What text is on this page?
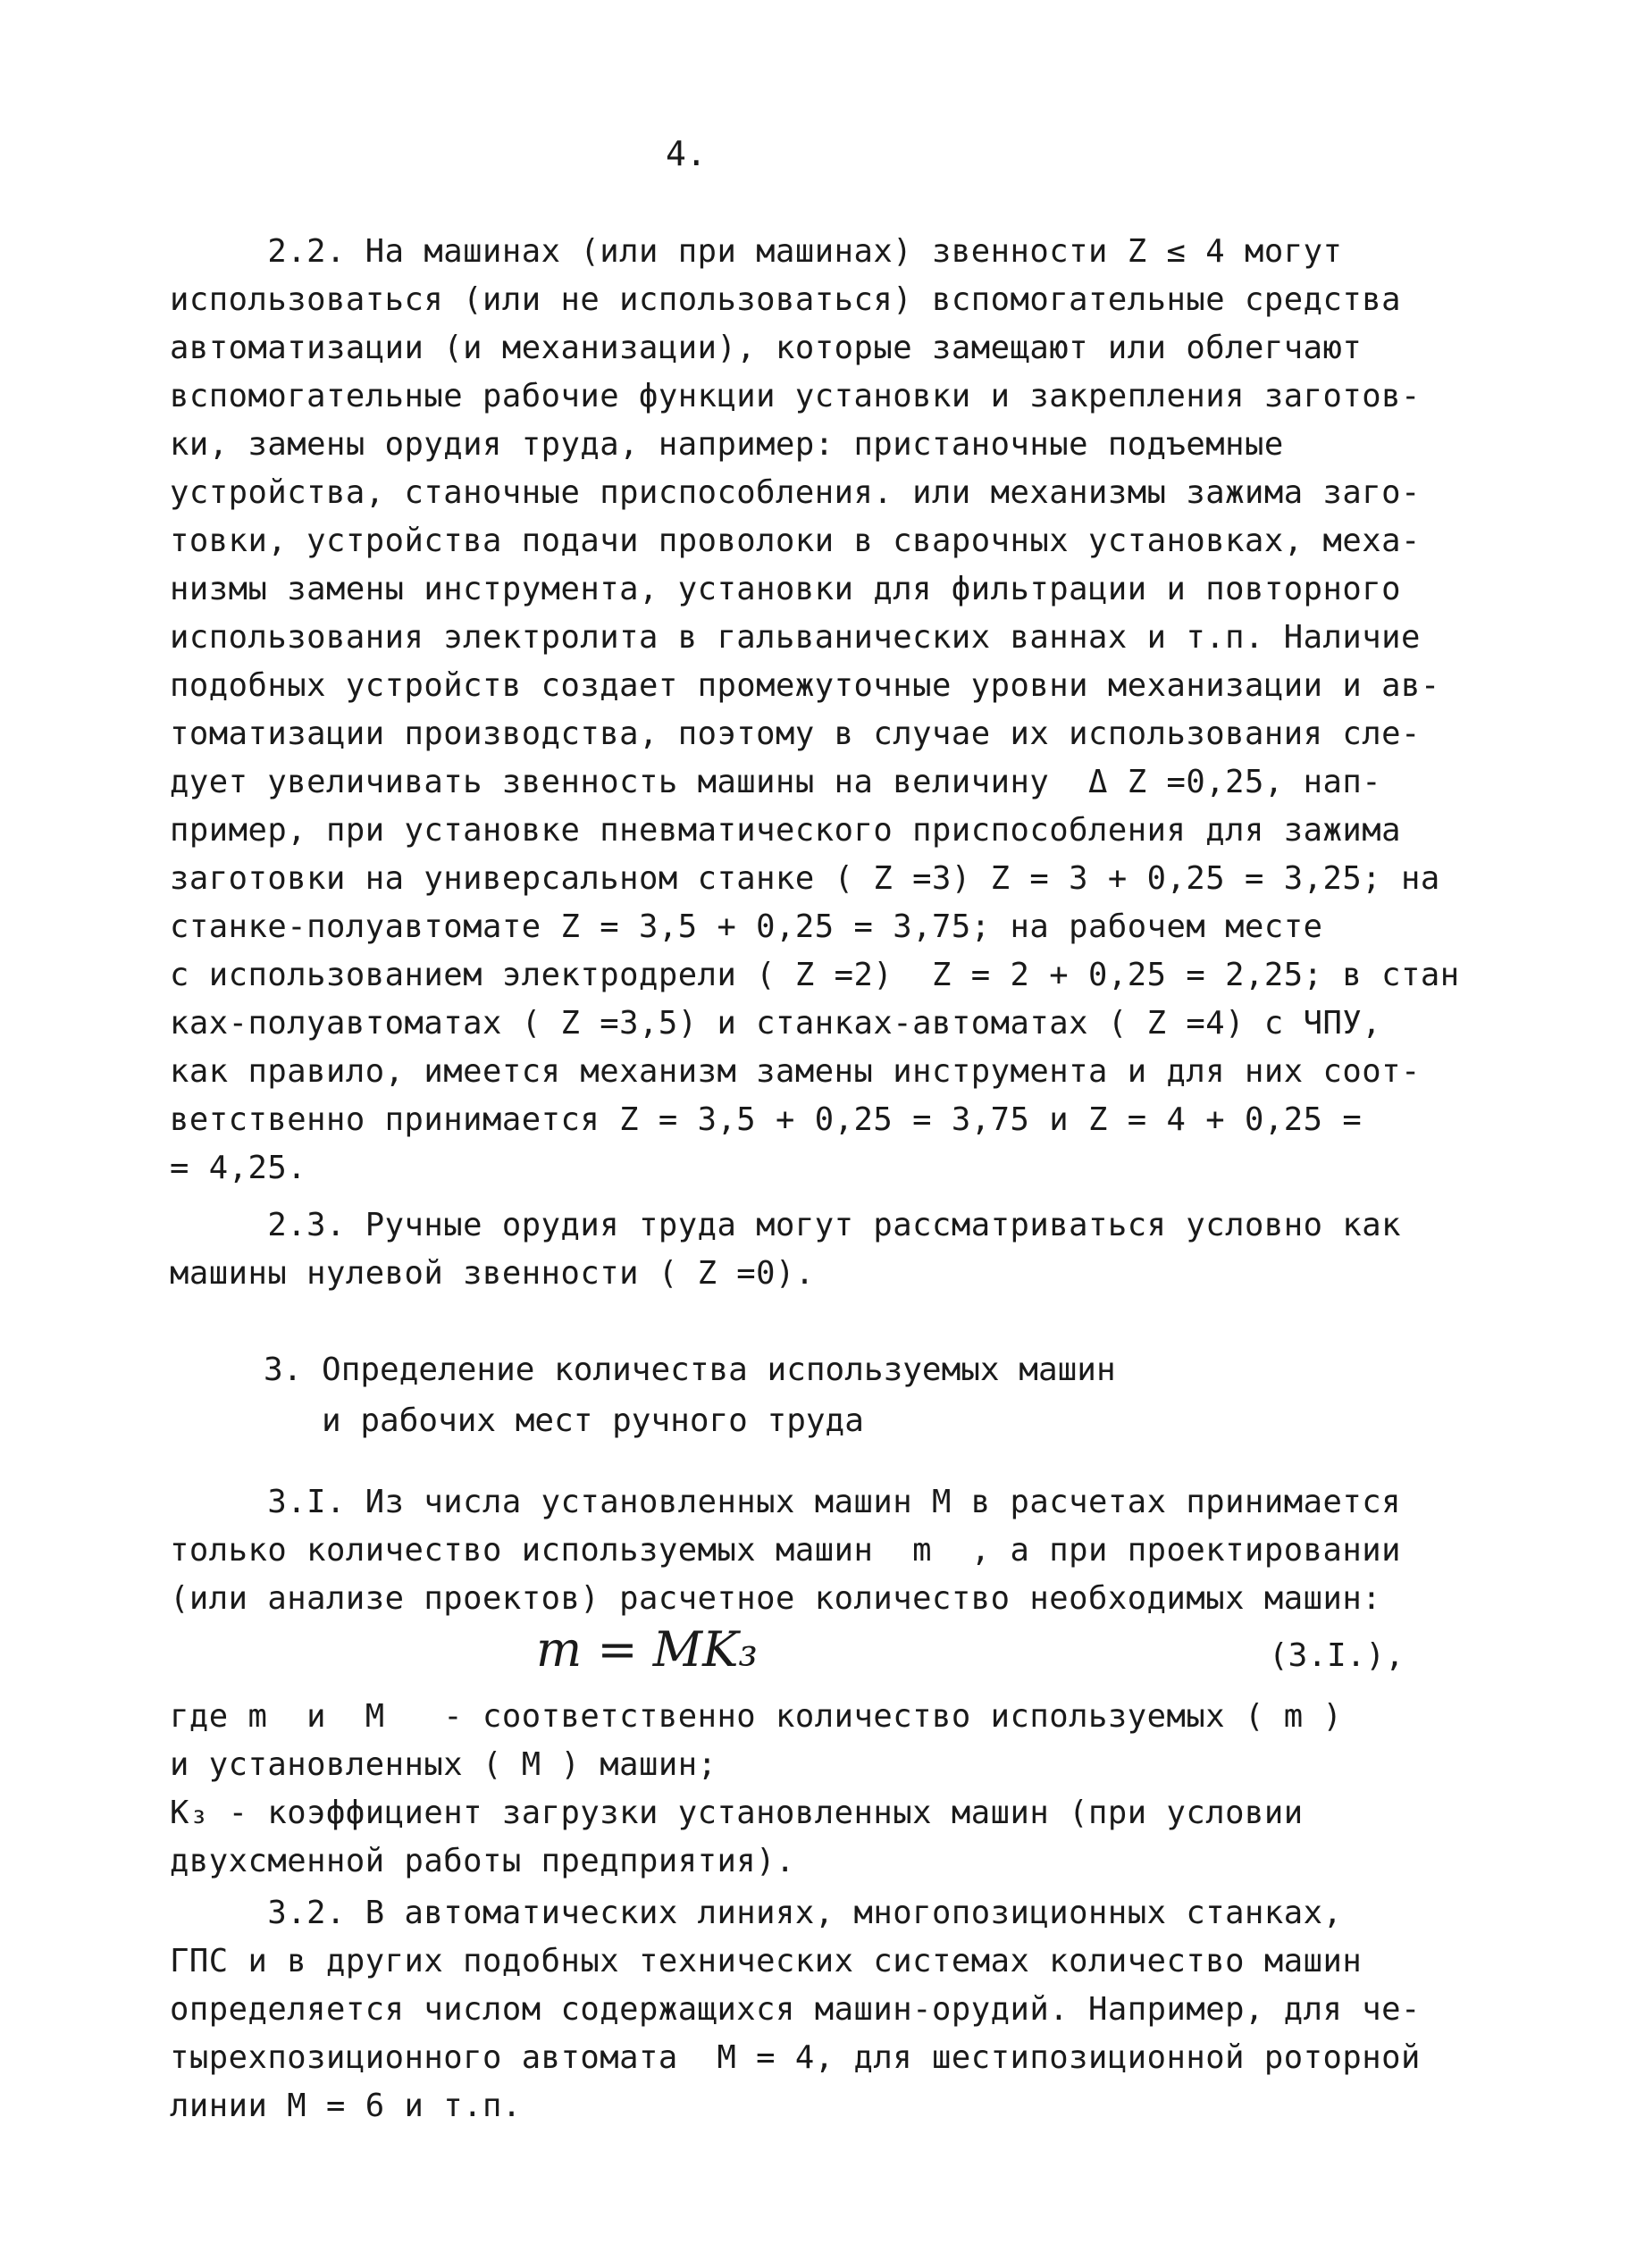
4.
2.2. На машинах (или при машинах) звенности Z ≤ 4 могут
использоваться (или не использоваться) вспомогательные средства
автоматизации (и механизации), которые замещают или облегчают
вспомогательные рабочие функции установки и закрепления заготов-
ки, замены орудия труда, например: пристаночные подъемные
устройства, станочные приспособления. или механизмы зажима заго-
товки, устройства подачи проволоки в сварочных установках, меха-
низмы замены инструмента, установки для фильтрации и повторного
использования электролита в гальванических ваннах и т.п. Наличие
подобных устройств создает промежуточные уровни механизации и ав-
томатизации производства, поэтому в случае их использования сле-
дует увеличивать звенность машины на величину  Δ Z =0,25, нап-
пример, при установке пневматического приспособления для зажима
заготовки на универсальном станке ( Z =3) Z = 3 + 0,25 = 3,25; на
станке-полуавтомате Z = 3,5 + 0,25 = 3,75; на рабочем месте
с использованием электродрели ( Z =2)  Z = 2 + 0,25 = 2,25; в стан
ках-полуавтоматах ( Z =3,5) и станках-автоматах ( Z =4) с ЧПУ,
как правило, имеется механизм замены инструмента и для них соот-
ветственно принимается Z = 3,5 + 0,25 = 3,75 и Z = 4 + 0,25 =
= 4,25.
2.3. Ручные орудия труда могут рассматриваться условно как
машины нулевой звенности ( Z =0).
3. Определение количества используемых машин
и рабочих мест ручного труда
3.I. Из числа установленных машин М в расчетах принимается
только количество используемых машин  m  , а при проектировании
(или анализе проектов) расчетное количество необходимых машин:
m = MK₃	(3.I.),
где m  и  M   - соответственно количество используемых ( m )
и установленных ( M ) машин;
K₃ - коэффициент загрузки установленных машин (при условии
двухсменной работы предприятия).
3.2. В автоматических линиях, многопозиционных станках,
ГПС и в других подобных технических системах количество машин
определяется числом содержащихся машин-орудий. Например, для че-
тырехпозиционного автомата  M = 4, для шестипозиционной роторной
линии M = 6 и т.п.
